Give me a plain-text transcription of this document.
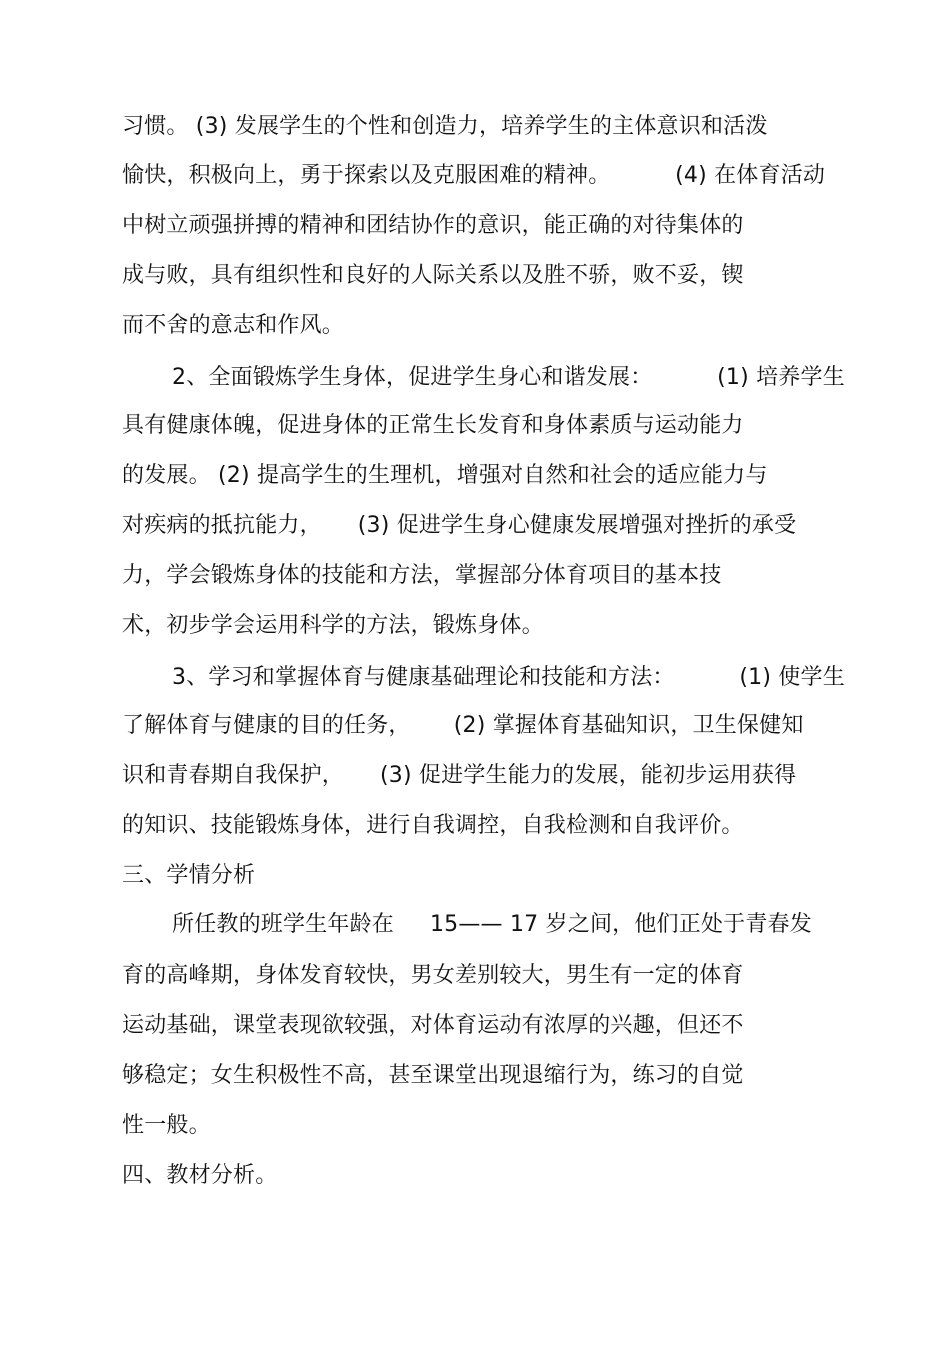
习惯。 (3) 发展学生的个性和创造力，培养学生的主体意识和活泼
愉快，积极向上，勇于探索以及克服困难的精神。         (4) 在体育活动
中树立顽强拼搏的精神和团结协作的意识，能正确的对待集体的
成与败，具有组织性和良好的人际关系以及胜不骄，败不妥，锲
而不舍的意志和作风。
2、全面锻炼学生身体，促进学生身心和谐发展：         (1) 培养学生
具有健康体魄，促进身体的正常生长发育和身体素质与运动能力
的发展。 (2) 提高学生的生理机，增强对自然和社会的适应能力与
对疾病的抵抗能力，     (3) 促进学生身心健康发展增强对挫折的承受
力，学会锻炼身体的技能和方法，掌握部分体育项目的基本技
术，初步学会运用科学的方法，锻炼身体。
3、学习和掌握体育与健康基础理论和技能和方法：         (1) 使学生
了解体育与健康的目的任务，      (2) 掌握体育基础知识，卫生保健知
识和青春期自我保护，     (3) 促进学生能力的发展，能初步运用获得
的知识、技能锻炼身体，进行自我调控，自我检测和自我评价。
三、学情分析
所任教的班学生年龄在     15—— 17 岁之间，他们正处于青春发
育的高峰期，身体发育较快，男女差别较大，男生有一定的体育
运动基础，课堂表现欲较强，对体育运动有浓厚的兴趣，但还不
够稳定；女生积极性不高，甚至课堂出现退缩行为，练习的自觉
性一般。
四、教材分析。
